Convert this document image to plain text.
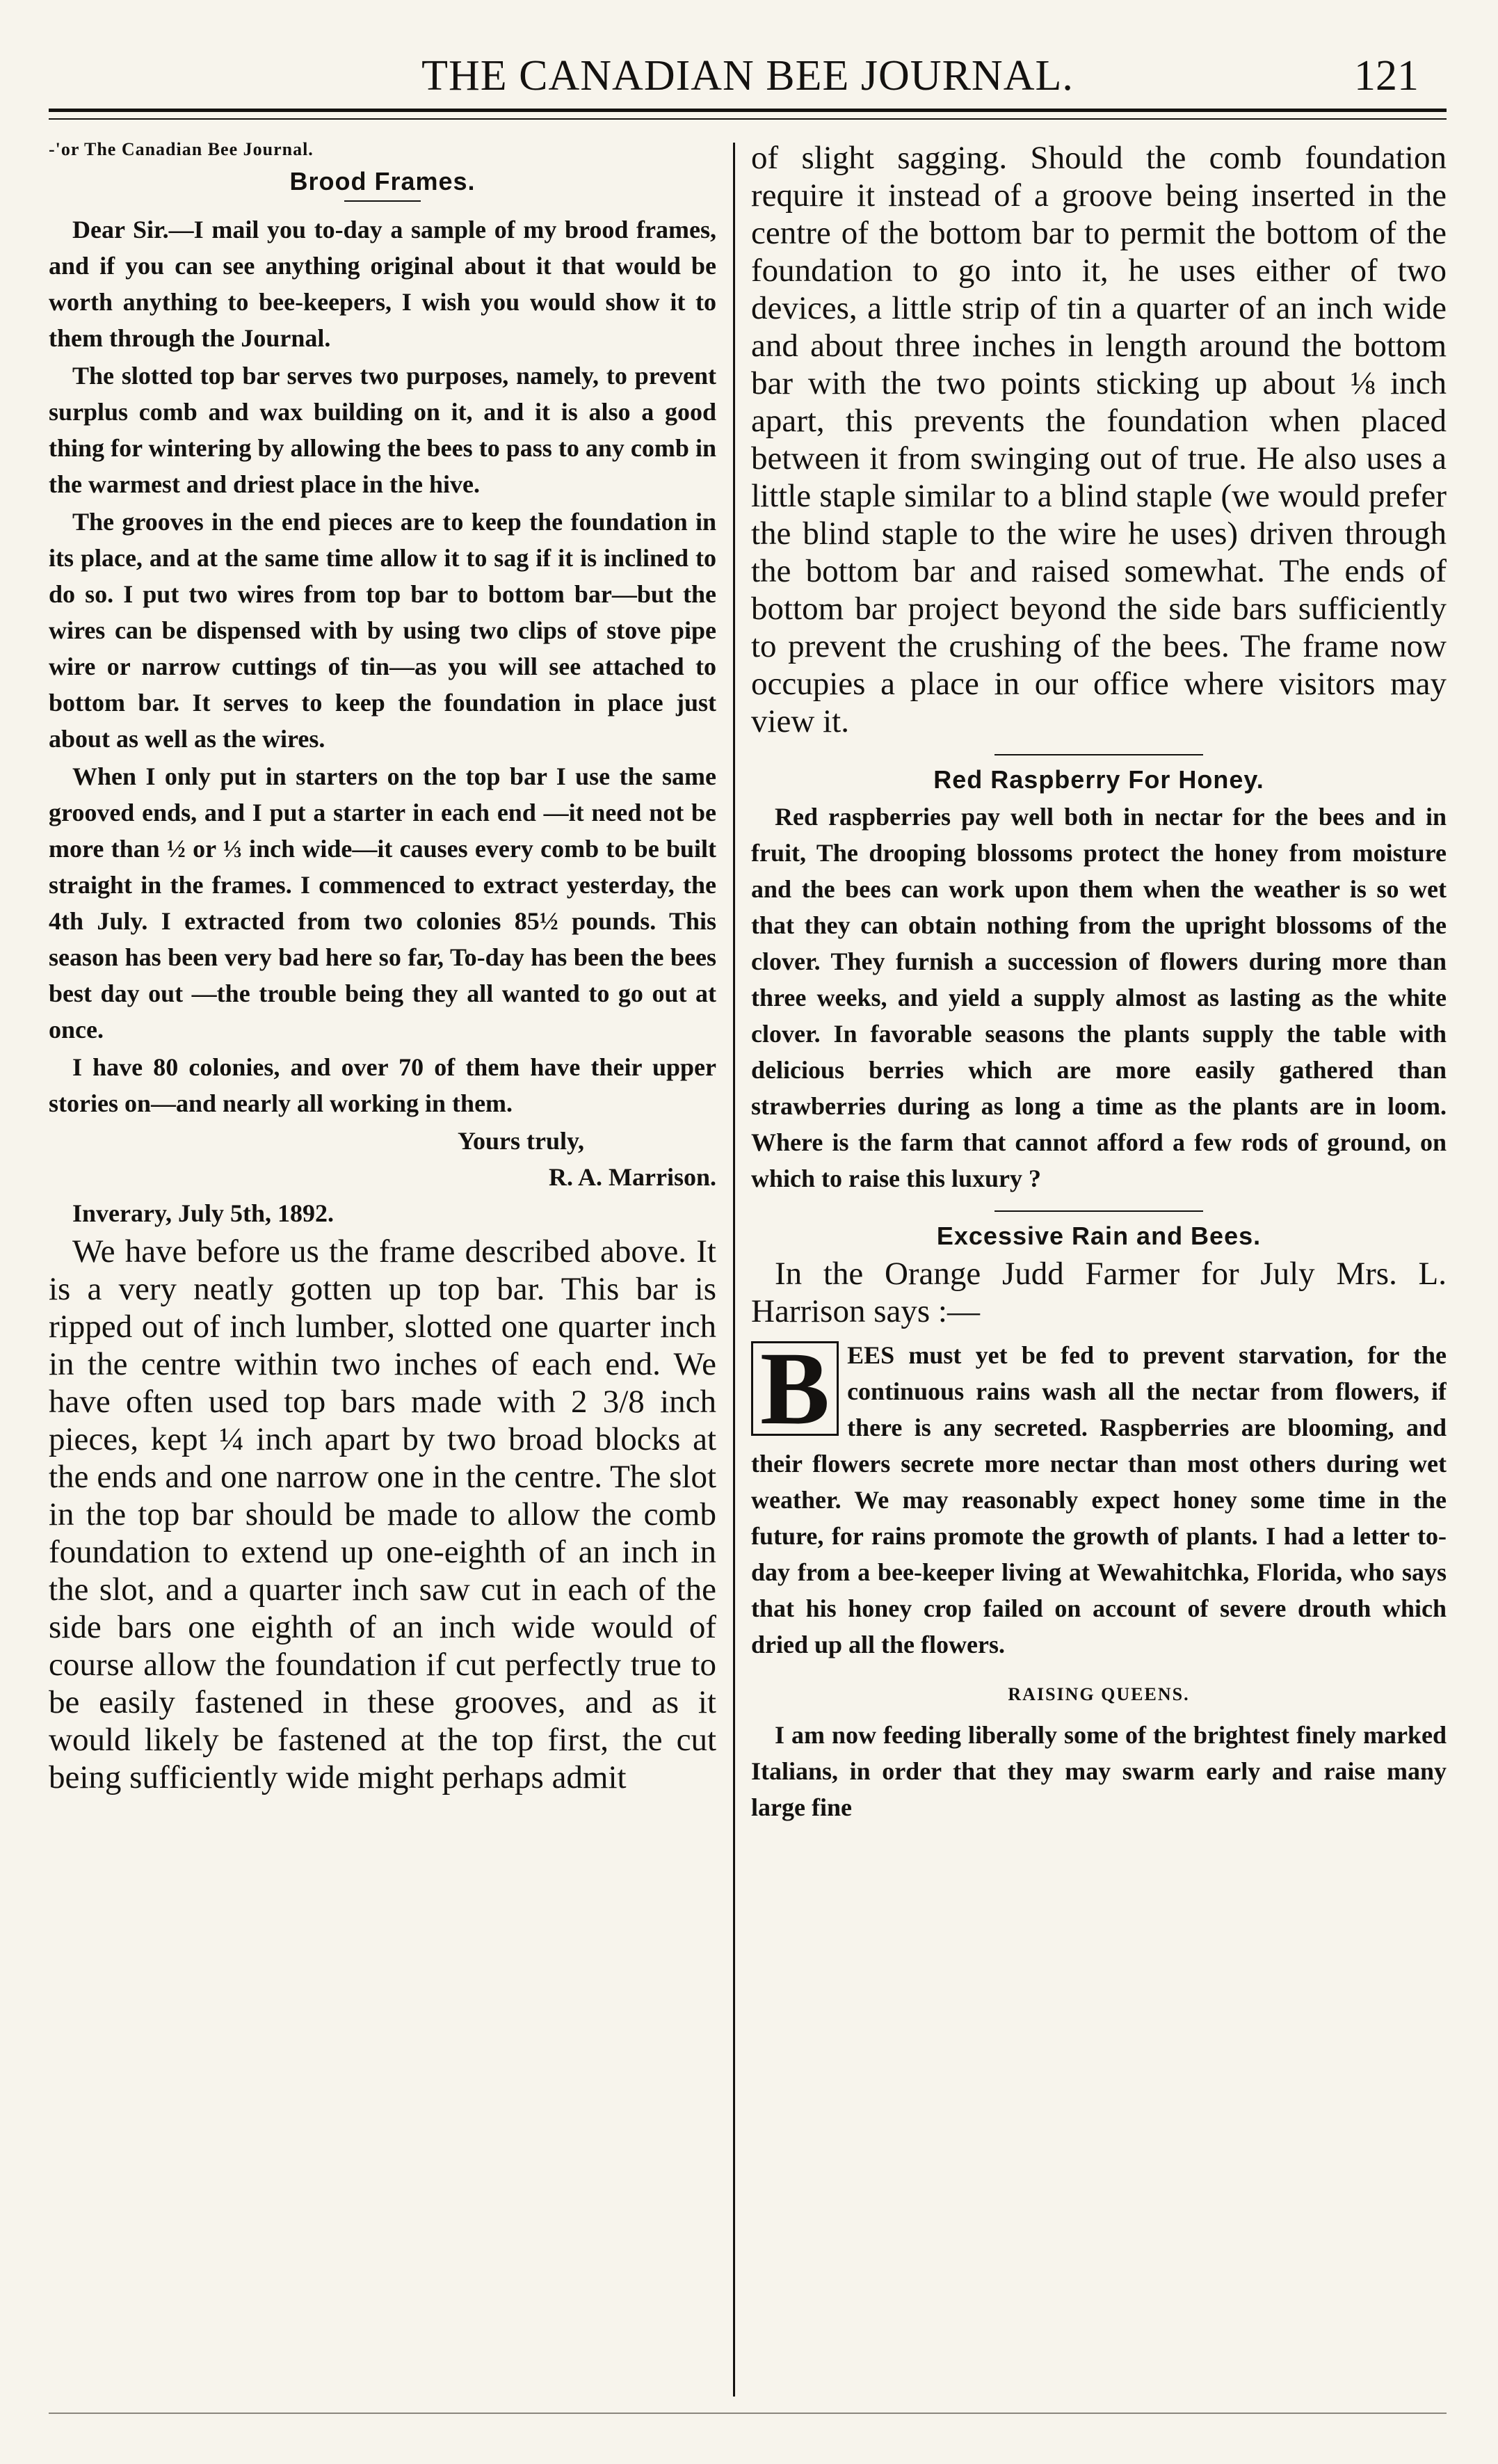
THE CANADIAN BEE JOURNAL.	121
-'or The Canadian Bee Journal.
Brood Frames.

Dear Sir.—I mail you to-day a sample of my brood frames, and if you can see anything original about it that would be worth anything to bee-keepers, I wish you would show it to them through the Journal.

The slotted top bar serves two purposes, namely, to prevent surplus comb and wax building on it, and it is also a good thing for wintering by allowing the bees to pass to any comb in the warmest and driest place in the hive.

The grooves in the end pieces are to keep the foundation in its place, and at the same time allow it to sag if it is inclined to do so. I put two wires from top bar to bottom bar—but the wires can be dispensed with by using two clips of stove pipe wire or narrow cuttings of tin—as you will see attached to bottom bar. It serves to keep the foundation in place just about as well as the wires.

When I only put in starters on the top bar I use the same grooved ends, and I put a starter in each end —it need not be more than ½ or ⅓ inch wide—it causes every comb to be built straight in the frames. I commenced to extract yesterday, the 4th July. I extracted from two colonies 85½ pounds. This season has been very bad here so far, To-day has been the bees best day out —the trouble being they all wanted to go out at once.

I have 80 colonies, and over 70 of them have their upper stories on—and nearly all working in them.

Yours truly,
R. A. Marrison.

Inverary, July 5th, 1892.

We have before us the frame described above. It is a very neatly gotten up top bar. This bar is ripped out of inch lumber, slotted one quarter inch in the centre within two inches of each end. We have often used top bars made with 2 3/8 inch pieces, kept ¼ inch apart by two broad blocks at the ends and one narrow one in the centre. The slot in the top bar should be made to allow the comb foundation to extend up one-eighth of an inch in the slot, and a quarter inch saw cut in each of the side bars one eighth of an inch wide would of course allow the foundation if cut perfectly true to be easily fastened in these grooves, and as it would likely be fastened at the top first, the cut being sufficiently wide might perhaps admit

of slight sagging. Should the comb foundation require it instead of a groove being inserted in the centre of the bottom bar to permit the bottom of the foundation to go into it, he uses either of two devices, a little strip of tin a quarter of an inch wide and about three inches in length around the bottom bar with the two points sticking up about ⅛ inch apart, this prevents the foundation when placed between it from swinging out of true. He also uses a little staple similar to a blind staple (we would prefer the blind staple to the wire he uses) driven through the bottom bar and raised somewhat. The ends of bottom bar project beyond the side bars sufficiently to prevent the crushing of the bees. The frame now occupies a place in our office where visitors may view it.

Red Raspberry For Honey.

Red raspberries pay well both in nectar for the bees and in fruit, The drooping blossoms protect the honey from moisture and the bees can work upon them when the weather is so wet that they can obtain nothing from the upright blossoms of the clover. They furnish a succession of flowers during more than three weeks, and yield a supply almost as lasting as the white clover. In favorable seasons the plants supply the table with delicious berries which are more easily gathered than strawberries during as long a time as the plants are in loom. Where is the farm that cannot afford a few rods of ground, on which to raise this luxury ?

Excessive Rain and Bees.

In the Orange Judd Farmer for July Mrs. L. Harrison says :—

B EES must yet be fed to prevent starvation, for the continuous rains wash all the nectar from flowers, if there is any secreted. Raspberries are blooming, and their flowers secrete more nectar than most others during wet weather. We may reasonably expect honey some time in the future, for rains promote the growth of plants. I had a letter to-day from a bee-keeper living at Wewahitchka, Florida, who says that his honey crop failed on account of severe drouth which dried up all the flowers.

RAISING QUEENS.

I am now feeding liberally some of the brightest finely marked Italians, in order that they may swarm early and raise many large fine
